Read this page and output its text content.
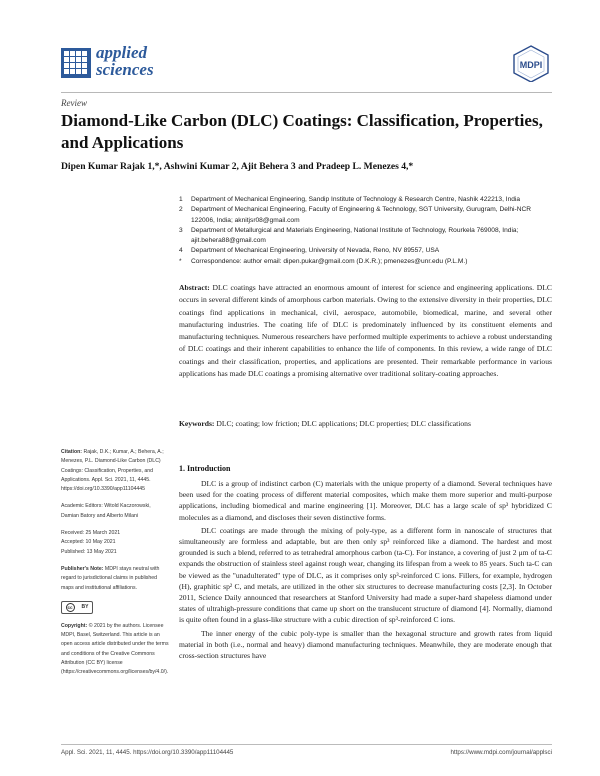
applied
sciences	MDPI
Review
Diamond-Like Carbon (DLC) Coatings: Classification, Properties, and Applications
Dipen Kumar Rajak 1,*, Ashwini Kumar 2, Ajit Behera 3 and Pradeep L. Menezes 4,*
1	Department of Mechanical Engineering, Sandip Institute of Technology & Research Centre, Nashik 422213, India
2	Department of Mechanical Engineering, Faculty of Engineering & Technology, SGT University, Gurugram, Delhi-NCR 122006, India; aknitjsr08@gmail.com
3	Department of Metallurgical and Materials Engineering, National Institute of Technology, Rourkela 769008, India; ajit.behera88@gmail.com
4	Department of Mechanical Engineering, University of Nevada, Reno, NV 89557, USA
*	Correspondence: author email: dipen.pukar@gmail.com (D.K.R.); pmenezes@unr.edu (P.L.M.)
Abstract: DLC coatings have attracted an enormous amount of interest for science and engineering applications. DLC occurs in several different kinds of amorphous carbon materials. Owing to the extensive diversity in their properties, DLC coatings find applications in mechanical, civil, aerospace, automobile, biomedical, marine, and several other manufacturing industries. The coating life of DLC is predominately influenced by its constituent elements and manufacturing techniques. Numerous researchers have performed multiple experiments to achieve a robust understanding of DLC coatings and their inherent capabilities to enhance the life of components. In this review, a wide range of DLC coatings and their classification, properties, and applications are presented. Their remarkable performance in various applications has made DLC coatings a promising alternative over traditional solitary-coating approaches.
Keywords: DLC; coating; low friction; DLC applications; DLC properties; DLC classifications

Citation: Rajak, D.K.; Kumar, A.; Behera, A.; Menezes, P.L. Diamond-Like Carbon (DLC) Coatings: Classification, Properties, and Applications. Appl. Sci. 2021, 11, 4445. https://doi.org/10.3390/app11104445

Academic Editors: Witold Kaczorowski, Damian Batory and Alberto Milani

Received: 25 March 2021
Accepted: 10 May 2021
Published: 13 May 2021

Publisher's Note: MDPI stays neutral with regard to jurisdictional claims in published maps and institutional affiliations.

cc	BY

Copyright: © 2021 by the authors. Licensee MDPI, Basel, Switzerland. This article is an open access article distributed under the terms and conditions of the Creative Commons Attribution (CC BY) license (https://creativecommons.org/licenses/by/4.0/).

1. Introduction

DLC is a group of indistinct carbon (C) materials with the unique property of a diamond. Several techniques have been used for the coating process of different material composites, which make them more superior and multi-purpose applications, including biomedical and marine engineering [1]. Moreover, DLC has a large scale of sp³ hybridized C molecules as a diamond, and discloses their seven distinctive forms.

DLC coatings are made through the mixing of poly-type, as a different form in nanoscale of structures that simultaneously are formless and adaptable, but are then only sp³ reinforced like a diamond. The hardest and most grounded is such a blend, referred to as tetrahedral amorphous carbon (ta-C). For instance, a covering of just 2 μm of ta-C expands the obstruction of stainless steel against rough wear, changing its lifespan from a week to 85 years. Such ta-C can be viewed as the "unadulterated" type of DLC, as it comprises only sp³-reinforced C ions. Fillers, for example, hydrogen (H), graphitic sp² C, and metals, are utilized in the other six structures to decrease manufacturing costs [2,3]. In October 2011, Science Daily announced that researchers at Stanford University had made a super-hard shapeless diamond under states of ultrahigh-pressure conditions that came up short on the translucent structure of diamond [4]. Normally, diamond is quite often found in a glass-like structure with a cubic direction of sp³-reinforced C ions.

The inner energy of the cubic poly-type is smaller than the hexagonal structure and growth rates from liquid material in both (i.e., normal and heavy) diamond manufacturing techniques. Meanwhile, they are moderate enough that cross-section structures have

Appl. Sci. 2021, 11, 4445. https://doi.org/10.3390/app11104445	https://www.mdpi.com/journal/applsci
